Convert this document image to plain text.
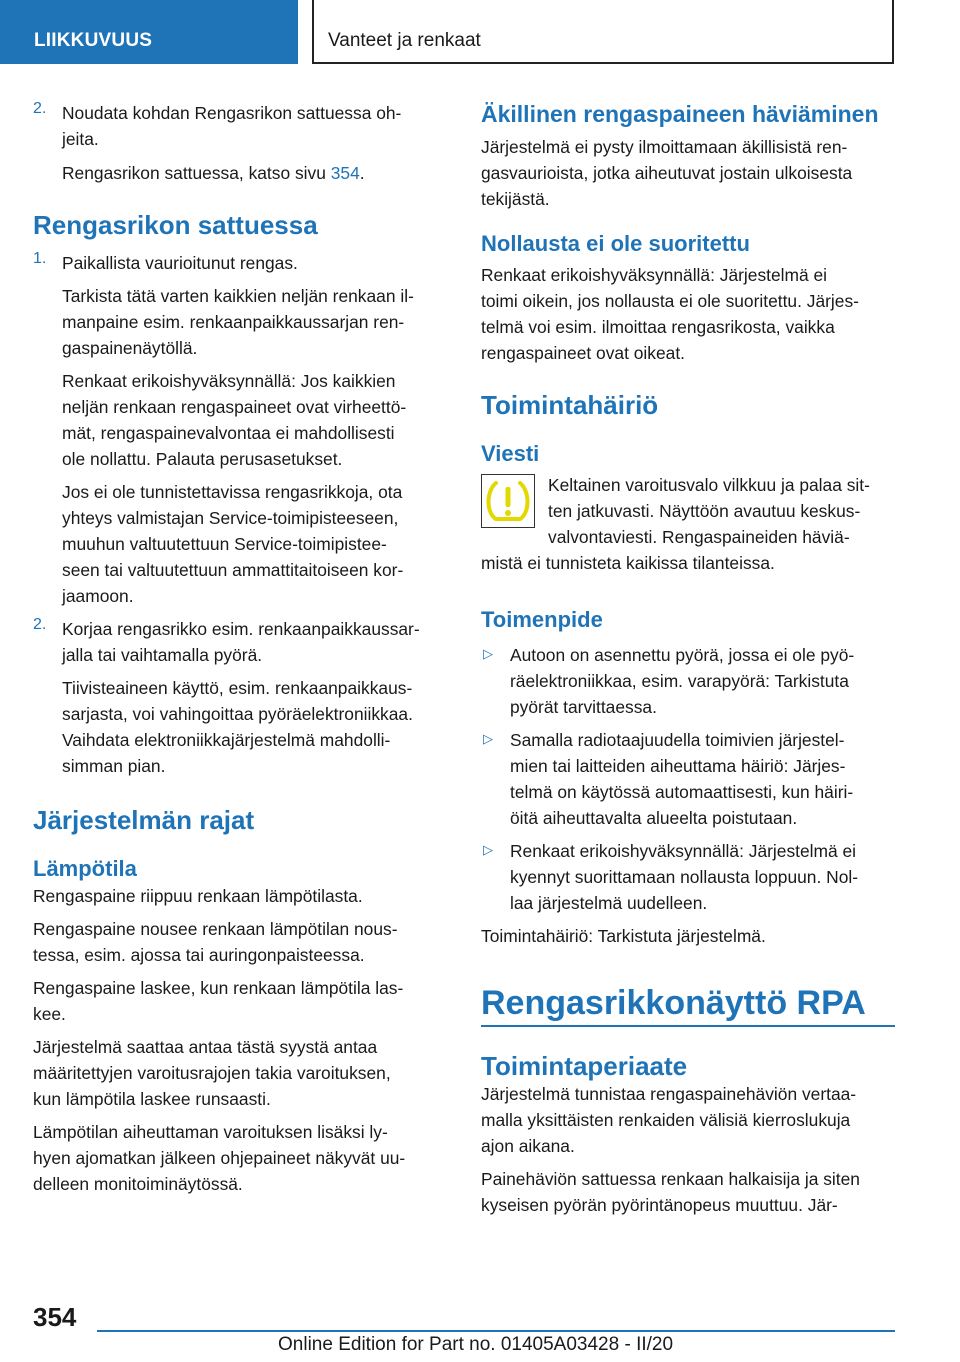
LIIKKUVUUS	Vanteet ja renkaat
2. Noudata kohdan Rengasrikon sattuessa oh-

jeita.

Rengasrikon sattuessa, katso sivu 354.

Rengasrikon sattuessa
1. Paikallista vaurioitunut rengas.

Tarkista tätä varten kaikkien neljän renkaan il-

manpaine esim. renkaanpaikkaussarjan ren-

gaspainenäytöllä.

Renkaat erikoishyväksynnällä: Jos kaikkien

neljän renkaan rengaspaineet ovat virheettö-

mät, rengaspainevalvontaa ei mahdollisesti

ole nollattu. Palauta perusasetukset.

Jos ei ole tunnistettavissa rengasrikkoja, ota

yhteys valmistajan Service-toimipisteeseen,

muuhun valtuutettuun Service-toimipistee-

seen tai valtuutettuun ammattitaitoiseen kor-

jaamoon.

2. Korjaa rengasrikko esim. renkaanpaikkaussar-

jalla tai vaihtamalla pyörä.

Tiivisteaineen käyttö, esim. renkaanpaikkaus-

sarjasta, voi vahingoittaa pyöräelektroniikkaa.

Vaihdata elektroniikkajärjestelmä mahdolli-

simman pian.

Järjestelmän rajat
Lämpötila

Rengaspaine riippuu renkaan lämpötilasta.

Rengaspaine nousee renkaan lämpötilan nous-

tessa, esim. ajossa tai auringonpaisteessa.

Rengaspaine laskee, kun renkaan lämpötila las-

kee.

Järjestelmä saattaa antaa tästä syystä antaa

määritettyjen varoitusrajojen takia varoituksen,

kun lämpötila laskee runsaasti.

Lämpötilan aiheuttaman varoituksen lisäksi ly-

hyen ajomatkan jälkeen ohjepaineet näkyvät uu-

delleen monitoiminäytössä.

Äkillinen rengaspaineen häviäminen

Järjestelmä ei pysty ilmoittamaan äkillisistä ren-

gasvaurioista, jotka aiheutuvat jostain ulkoisesta

tekijästä.

Nollausta ei ole suoritettu

Renkaat erikoishyväksynnällä: Järjestelmä ei

toimi oikein, jos nollausta ei ole suoritettu. Järjes-

telmä voi esim. ilmoittaa rengasrikosta, vaikka

rengaspaineet ovat oikeat.

Toimintahäiriö
Viesti

Keltainen varoitusvalo vilkkuu ja palaa sit-

ten jatkuvasti. Näyttöön avautuu keskus-

valvontaviesti. Rengaspaineiden häviä-

mistä ei tunnisteta kaikissa tilanteissa.

Toimenpide
▷ Autoon on asennettu pyörä, jossa ei ole pyö-

räelektroniikkaa, esim. varapyörä: Tarkistuta

pyörät tarvittaessa.

▷ Samalla radiotaajuudella toimivien järjestel-

mien tai laitteiden aiheuttama häiriö: Järjes-

telmä on käytössä automaattisesti, kun häiri-

öitä aiheuttavalta alueelta poistutaan.

▷ Renkaat erikoishyväksynnällä: Järjestelmä ei

kyennyt suorittamaan nollausta loppuun. Nol-

laa järjestelmä uudelleen.

Toimintahäiriö: Tarkistuta järjestelmä.

Rengasrikkonäyttö RPA
Toimintaperiaate

Järjestelmä tunnistaa rengaspainehäviön vertaa-

malla yksittäisten renkaiden välisiä kierroslukuja

ajon aikana.

Painehäviön sattuessa renkaan halkaisija ja siten

kyseisen pyörän pyörintänopeus muuttuu. Jär-

354
Online Edition for Part no. 01405A03428 - II/20
